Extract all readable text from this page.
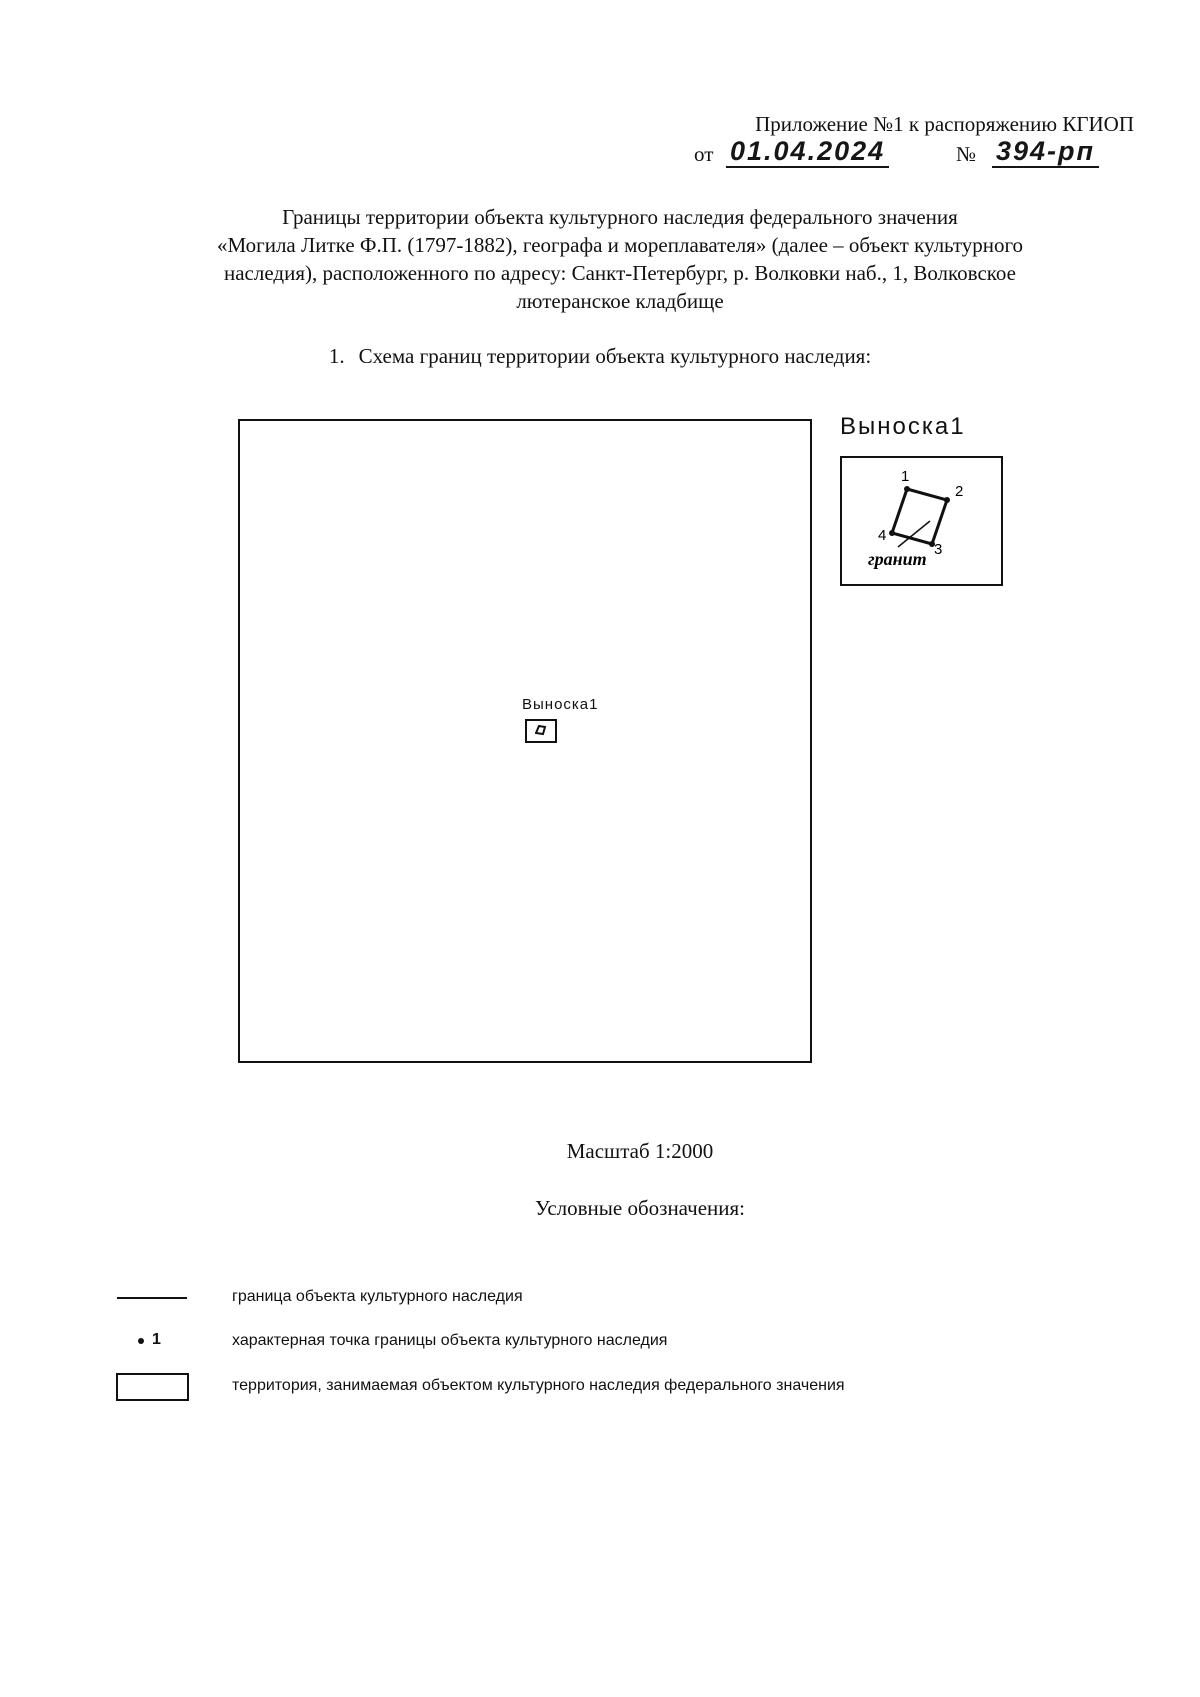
Приложение №1 к распоряжению КГИОП
от 01.04.2024	№ 394-рп
Границы территории объекта культурного наследия федерального значения
«Могила Литке Ф.П. (1797-1882), географа и мореплавателя» (далее – объект культурного
наследия), расположенного по адресу: Санкт-Петербург, р. Волковки наб., 1, Волковское
лютеранское кладбище
1. Схема границ территории объекта культурного наследия:
Выноска1
Выноска1
1
2
3
4
гранит
Масштаб 1:2000
Условные обозначения:
граница объекта культурного наследия
1	характерная точка границы объекта культурного наследия
территория, занимаемая объектом культурного наследия федерального значения
